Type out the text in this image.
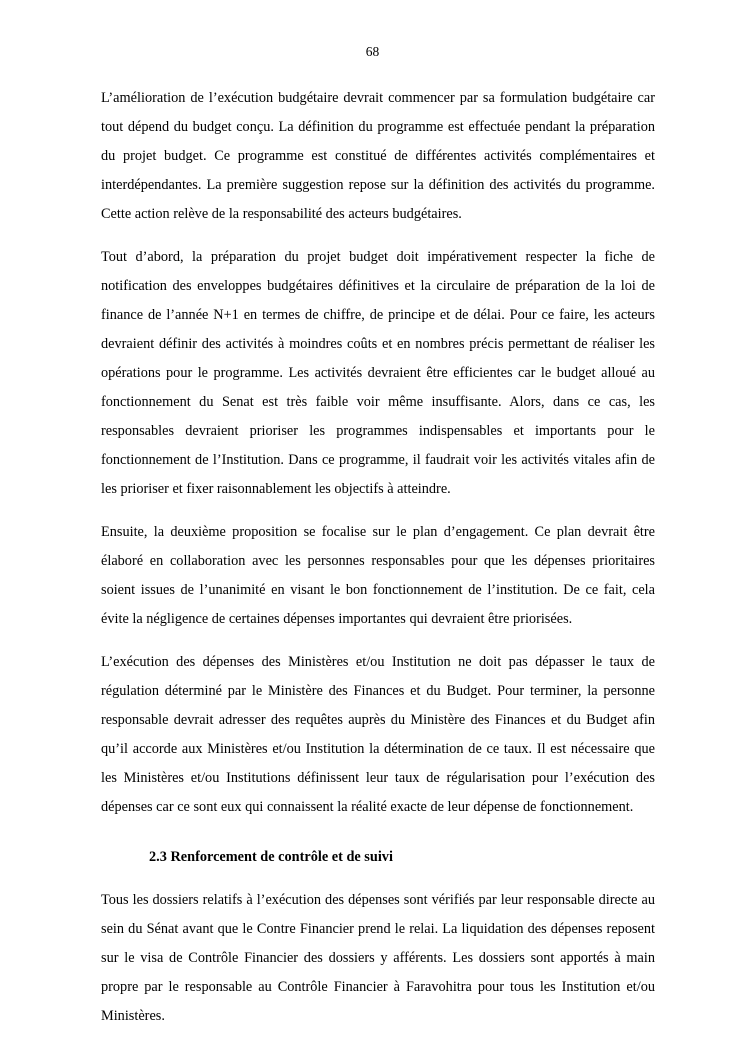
68

L’amélioration de l’exécution budgétaire devrait commencer par sa formulation budgétaire car tout dépend du budget conçu. La définition du programme est effectuée pendant la préparation du projet budget. Ce programme est constitué de différentes activités complémentaires et interdépendantes. La première suggestion repose sur la définition des activités du programme. Cette action relève de la responsabilité des acteurs budgétaires.

Tout d’abord, la préparation du projet budget doit impérativement respecter la fiche de notification des enveloppes budgétaires définitives et la circulaire de préparation de la loi de finance de l’année N+1 en termes de chiffre, de principe et de délai. Pour ce faire, les acteurs devraient définir des activités à moindres coûts et en nombres précis permettant de réaliser les opérations pour le programme. Les activités devraient être efficientes car le budget alloué au fonctionnement du Senat est très faible voir même insuffisante. Alors, dans ce cas, les responsables devraient prioriser les programmes indispensables et importants pour le fonctionnement de l’Institution. Dans ce programme, il faudrait voir les activités vitales afin de les prioriser et fixer raisonnablement les objectifs à atteindre.

Ensuite, la deuxième proposition se focalise sur le plan d’engagement. Ce plan devrait être élaboré en collaboration avec les personnes responsables pour que les dépenses prioritaires soient issues de l’unanimité en visant le bon fonctionnement de l’institution. De ce fait, cela évite la négligence de certaines dépenses importantes qui devraient être priorisées.

L’exécution des dépenses des Ministères et/ou Institution ne doit pas dépasser le taux de régulation déterminé par le Ministère des Finances et du Budget. Pour terminer, la personne responsable devrait adresser des requêtes auprès du Ministère des Finances et du Budget afin qu’il accorde aux Ministères et/ou Institution la détermination de ce taux. Il est nécessaire que les Ministères et/ou Institutions définissent leur taux de régularisation pour l’exécution des dépenses car ce sont eux qui connaissent la réalité exacte de leur dépense de fonctionnement.

2.3 Renforcement de contrôle et de suivi

Tous les dossiers relatifs à l’exécution des dépenses sont vérifiés par leur responsable directe au sein du Sénat avant que le Contre Financier prend le relai. La liquidation des dépenses reposent sur le visa de Contrôle Financier des dossiers y afférents. Les dossiers sont apportés à main propre par le responsable au Contrôle Financier à Faravohitra pour tous les Institution et/ou Ministères.
